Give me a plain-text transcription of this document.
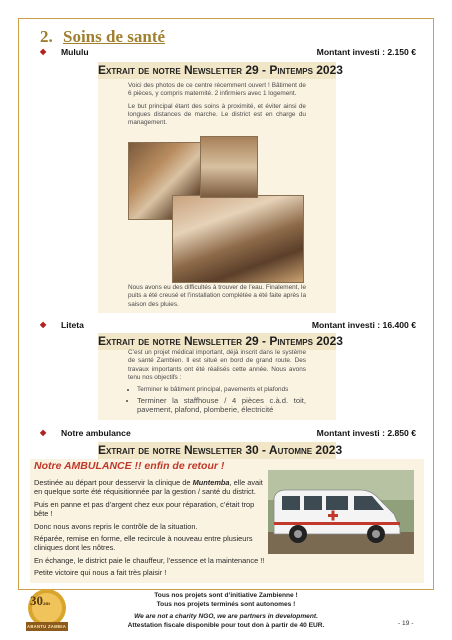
2. Soins de santé
◆ Mululu	Montant investi : 2.150 €
Extrait de notre Newsletter 29 - Pintemps 2023

Voici des photos de ce centre récemment ouvert ! Bâtiment de 6 pièces, y compris maternité. 2 infirmiers avec 1 logement.

Le but principal étant des soins à proximité, et éviter ainsi de longues distances de marche. Le district est en charge du management.

Nous avons eu des difficultés à trouver de l’eau. Finalement, le puits a été creusé et l’installation complétée a été faite après la saison des pluies.

◆ Liteta	Montant investi : 16.400 €
Extrait de notre Newsletter 29 - Pintemps 2023

C’est un projet médical important, déjà inscrit dans le système de santé Zambien. Il est situé en bord de grand route. Des travaux importants ont été réalisés cette année. Nous avons tenu nos objectifs :

• Terminer le bâtiment principal, pavements et plafonds
• Terminer la staffhouse / 4 pièces c.à.d. toit, pavement, plafond, plomberie, électricité
◆ Notre ambulance	Montant investi : 2.850 €
Extrait de notre Newsletter 30 - Automne 2023
Notre AMBULANCE !! enfin de retour !

Destinée au départ pour desservir la clinique de Muntemba, elle avait en quelque sorte été réquisitionnée par la gestion / santé du district.

Puis en panne et pas d’argent chez eux pour réparation, c’était trop bête !

Donc nous avons repris le contrôle de la situation.

Réparée, remise en forme, elle recircule à nouveau entre plusieurs cliniques dont les nôtres.

En échange, le district paie le chauffeur, l’essence et la maintenance !!

Petite victoire qui nous a fait très plaisir !

30ans
ABANTU ZAMBIA
Tous nos projets sont d’initiative Zambienne !
Tous nos projets terminés sont autonomes !
We are not a charity NGO, we are partners in development.
Attestation fiscale disponible pour tout don à partir de 40 EUR.	- 19 -
